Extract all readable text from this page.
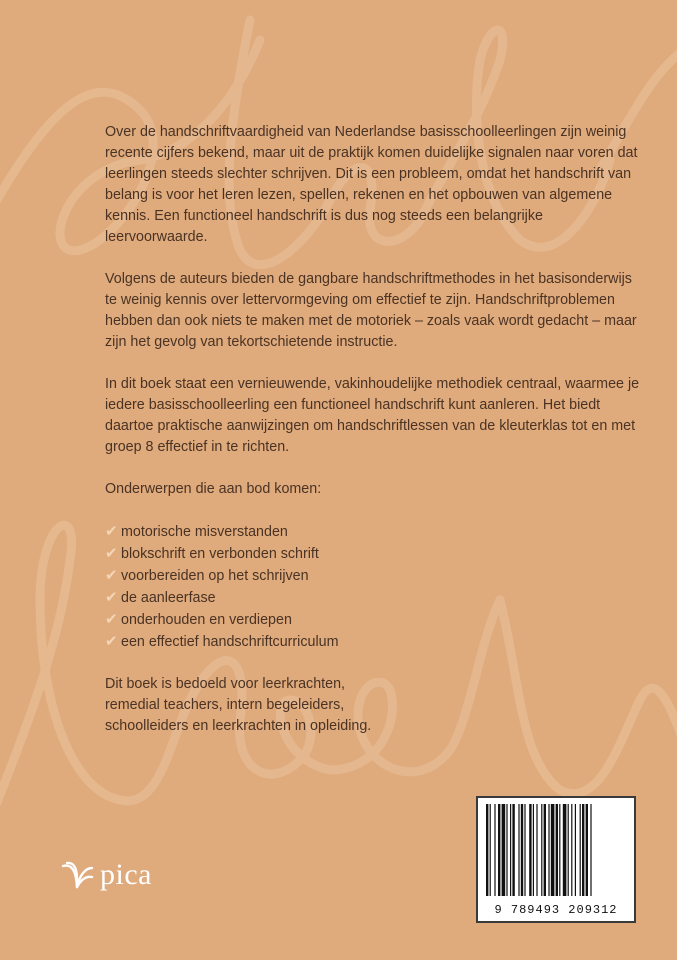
Over de handschriftvaardigheid van Nederlandse basisschoolleerlingen zijn weinig recente cijfers bekend, maar uit de praktijk komen duidelijke signalen naar voren dat leerlingen steeds slechter schrijven. Dit is een probleem, omdat het handschrift van belang is voor het leren lezen, spellen, rekenen en het opbouwen van algemene kennis. Een functioneel handschrift is dus nog steeds een belangrijke leervoorwaarde.

Volgens de auteurs bieden de gangbare handschriftmethodes in het basisonderwijs te weinig kennis over lettervormgeving om effectief te zijn. Handschriftproblemen hebben dan ook niets te maken met de motoriek – zoals vaak wordt gedacht – maar zijn het gevolg van tekortschietende instructie.

In dit boek staat een vernieuwende, vakinhoudelijke methodiek centraal, waarmee je iedere basisschoolleerling een functioneel handschrift kunt aanleren. Het biedt daartoe praktische aanwijzingen om handschriftlessen van de kleuterklas tot en met groep 8 effectief in te richten.

Onderwerpen die aan bod komen:

✔ motorische misverstanden
✔ blokschrift en verbonden schrift
✔ voorbereiden op het schrijven
✔ de aanleerfase
✔ onderhouden en verdiepen
✔ een effectief handschriftcurriculum
Dit boek is bedoeld voor leerkrachten,
remedial teachers, intern begeleiders,
schoolleiders en leerkrachten in opleiding.
9 789493 209312
pica
